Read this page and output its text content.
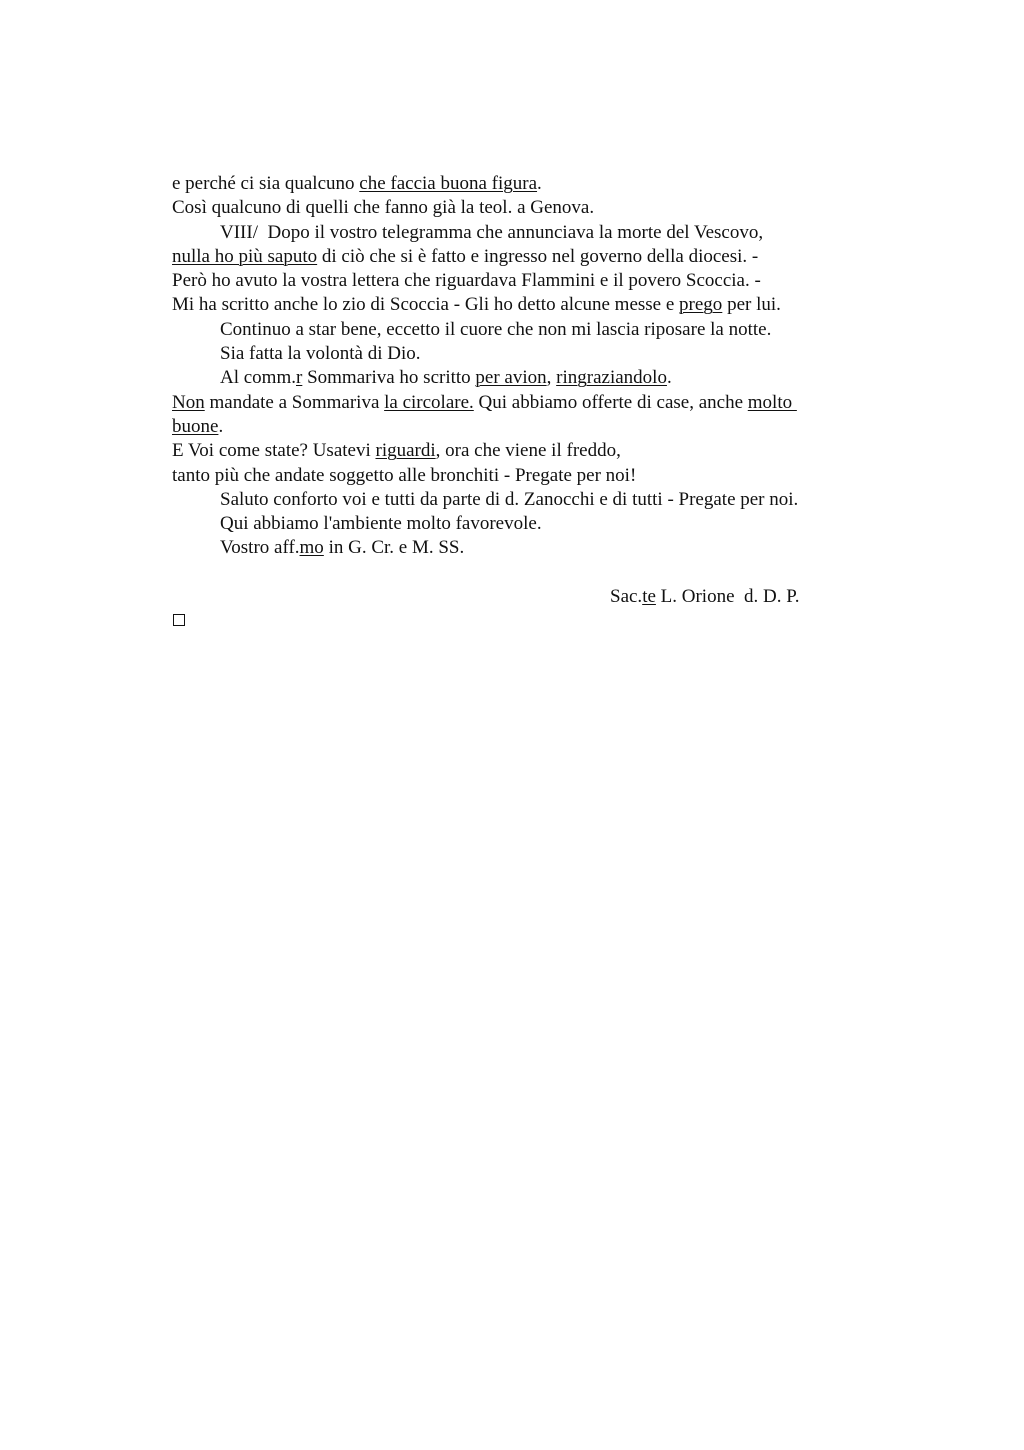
e perché ci sia qualcuno che faccia buona figura.
Così qualcuno di quelli che fanno già la teol. a Genova.
VIII/  Dopo il vostro telegramma che annunciava la morte del Vescovo,
nulla ho più saputo di ciò che si è fatto e ingresso nel governo della diocesi. -
Però ho avuto la vostra lettera che riguardava Flammini e il povero Scoccia. -
Mi ha scritto anche lo zio di Scoccia - Gli ho detto alcune messe e prego per lui.
Continuo a star bene, eccetto il cuore che non mi lascia riposare la notte.
Sia fatta la volontà di Dio.
Al comm.r Sommariva ho scritto per avion, ringraziandolo.
Non mandate a Sommariva la circolare. Qui abbiamo offerte di case, anche molto
buone.
E Voi come state? Usatevi riguardi, ora che viene il freddo,
tanto più che andate soggetto alle bronchiti - Pregate per noi!
Saluto conforto voi e tutti da parte di d. Zanocchi e di tutti - Pregate per noi.
Qui abbiamo l'ambiente molto favorevole.
Vostro aff.mo in G. Cr. e M. SS.
Sac.te L. Orione  d. D. P.
